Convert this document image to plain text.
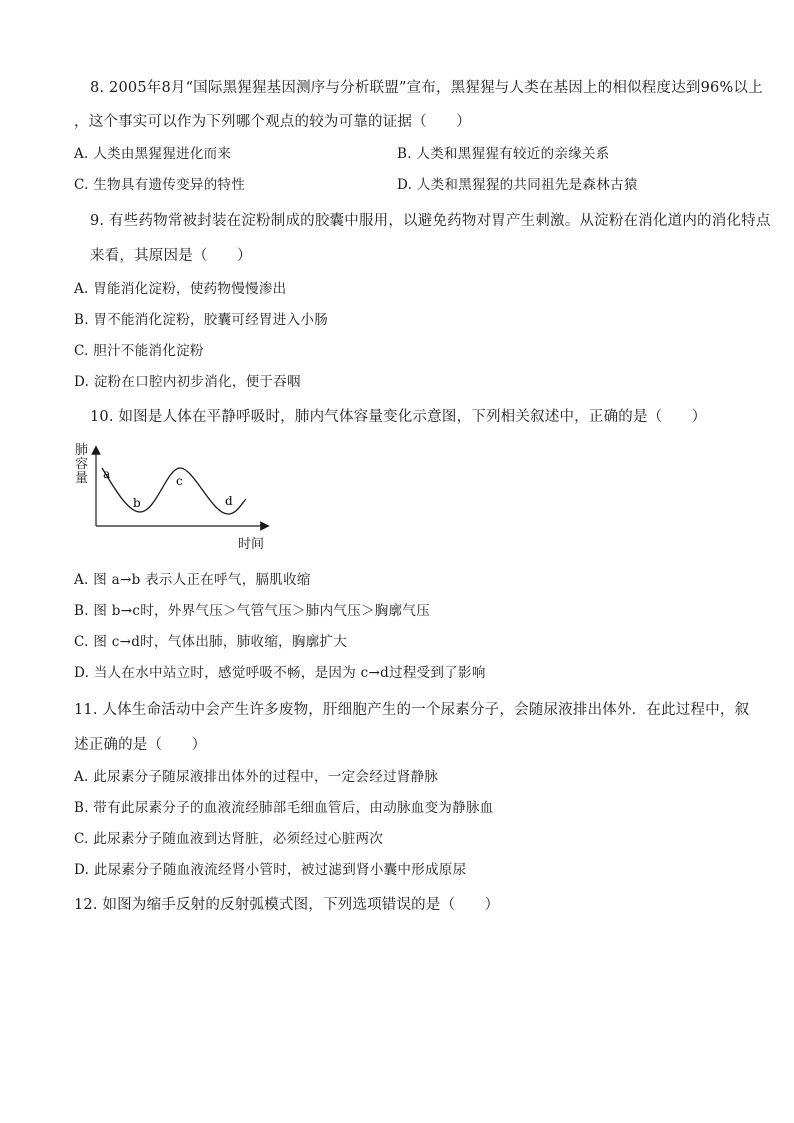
8. 2005年8月“国际黑猩猩基因测序与分析联盟”宣布，黑猩猩与人类在基因上的相似程度达到96%以上
，这个事实可以作为下列哪个观点的较为可靠的证据（　　）
A. 人类由黑猩猩进化而来	B. 人类和黑猩猩有较近的亲缘关系
C. 生物具有遗传变异的特性	D. 人类和黑猩猩的共同祖先是森林古猿
9. 有些药物常被封装在淀粉制成的胶囊中服用，以避免药物对胃产生刺激。从淀粉在消化道内的消化特点
来看，其原因是（　　）
A. 胃能消化淀粉，使药物慢慢渗出
B. 胃不能消化淀粉，胶囊可经胃进入小肠
C. 胆汁不能消化淀粉
D. 淀粉在口腔内初步消化，便于吞咽
10. 如图是人体在平静呼吸时，肺内气体容量变化示意图，下列相关叙述中，正确的是（　　）
a
b
c
d
肺容量
时间
A. 图 a→b 表示人正在呼气，膈肌收缩
B. 图 b→c时，外界气压＞气管气压＞肺内气压＞胸廓气压
C. 图 c→d时，气体出肺，肺收缩，胸廓扩大
D. 当人在水中站立时，感觉呼吸不畅，是因为 c→d过程受到了影响
11. 人体生命活动中会产生许多废物，肝细胞产生的一个尿素分子，会随尿液排出体外．在此过程中，叙
述正确的是（　　）
A. 此尿素分子随尿液排出体外的过程中，一定会经过肾静脉
B. 带有此尿素分子的血液流经肺部毛细血管后，由动脉血变为静脉血
C. 此尿素分子随血液到达肾脏，必须经过心脏两次
D. 此尿素分子随血液流经肾小管时，被过滤到肾小囊中形成原尿
12. 如图为缩手反射的反射弧模式图，下列选项错误的是（　　）
